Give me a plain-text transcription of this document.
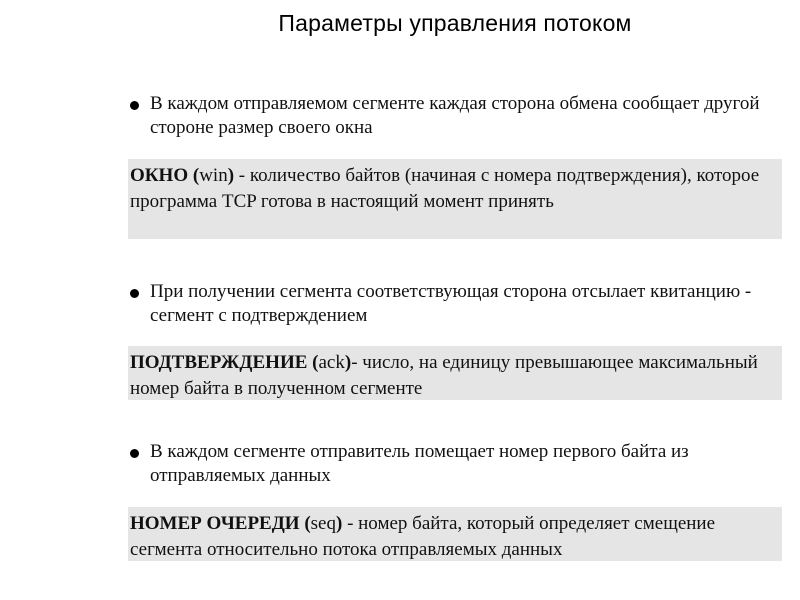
Параметры управления потоком
В каждом отправляемом сегменте каждая сторона обмена сообщает другой стороне размер своего окна
ОКНО (win) - количество байтов (начиная с номера подтверждения), которое программа TCP готова в настоящий момент принять
При получении сегмента соответствующая сторона отсылает квитанцию - сегмент с подтверждением
ПОДТВЕРЖДЕНИЕ (ack)- число, на единицу превышающее максимальный номер байта в полученном сегменте
В каждом сегменте отправитель помещает номер первого байта из отправляемых данных
НОМЕР ОЧЕРЕДИ (seq) - номер байта, который определяет смещение сегмента относительно потока отправляемых данных
